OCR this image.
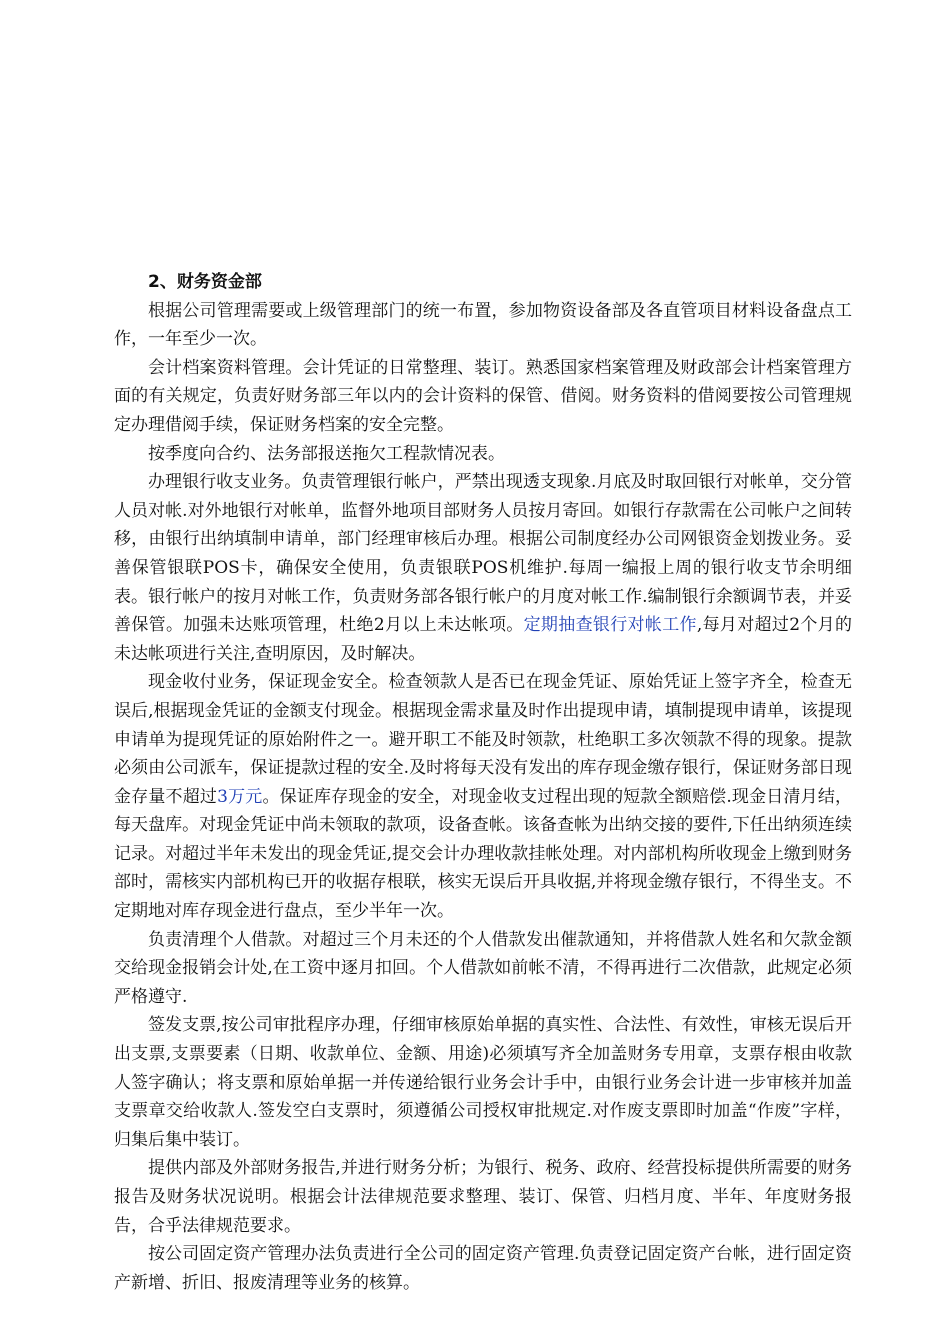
2、财务资金部

根据公司管理需要或上级管理部门的统一布置，参加物资设备部及各直管项目材料设备盘点工作，一年至少一次。

会计档案资料管理。会计凭证的日常整理、装订。熟悉国家档案管理及财政部会计档案管理方面的有关规定，负责好财务部三年以内的会计资料的保管、借阅。财务资料的借阅要按公司管理规定办理借阅手续，保证财务档案的安全完整。

按季度向合约、法务部报送拖欠工程款情况表。

办理银行收支业务。负责管理银行帐户，严禁出现透支现象.月底及时取回银行对帐单，交分管人员对帐.对外地银行对帐单，监督外地项目部财务人员按月寄回。如银行存款需在公司帐户之间转移，由银行出纳填制申请单，部门经理审核后办理。根据公司制度经办公司网银资金划拨业务。妥善保管银联POS卡，确保安全使用，负责银联POS机维护.每周一编报上周的银行收支节余明细表。银行帐户的按月对帐工作，负责财务部各银行帐户的月度对帐工作.编制银行余额调节表，并妥善保管。加强未达账项管理，杜绝2月以上未达帐项。定期抽查银行对帐工作,每月对超过2个月的未达帐项进行关注,查明原因，及时解决。

现金收付业务，保证现金安全。检查领款人是否已在现金凭证、原始凭证上签字齐全，检查无误后,根据现金凭证的金额支付现金。根据现金需求量及时作出提现申请，填制提现申请单，该提现申请单为提现凭证的原始附件之一。避开职工不能及时领款，杜绝职工多次领款不得的现象。提款必须由公司派车，保证提款过程的安全.及时将每天没有发出的库存现金缴存银行，保证财务部日现金存量不超过3万元。保证库存现金的安全，对现金收支过程出现的短款全额赔偿.现金日清月结，每天盘库。对现金凭证中尚未领取的款项，设备查帐。该备查帐为出纳交接的要件,下任出纳须连续记录。对超过半年未发出的现金凭证,提交会计办理收款挂帐处理。对内部机构所收现金上缴到财务部时，需核实内部机构已开的收据存根联，核实无误后开具收据,并将现金缴存银行，不得坐支。不定期地对库存现金进行盘点，至少半年一次。

负责清理个人借款。对超过三个月未还的个人借款发出催款通知，并将借款人姓名和欠款金额交给现金报销会计处,在工资中逐月扣回。个人借款如前帐不清，不得再进行二次借款，此规定必须严格遵守.

签发支票,按公司审批程序办理，仔细审核原始单据的真实性、合法性、有效性，审核无误后开出支票,支票要素（日期、收款单位、金额、用途)必须填写齐全加盖财务专用章，支票存根由收款人签字确认；将支票和原始单据一并传递给银行业务会计手中，由银行业务会计进一步审核并加盖支票章交给收款人.签发空白支票时，须遵循公司授权审批规定.对作废支票即时加盖“作废”字样，归集后集中装订。

提供内部及外部财务报告,并进行财务分析；为银行、税务、政府、经营投标提供所需要的财务报告及财务状况说明。根据会计法律规范要求整理、装订、保管、归档月度、半年、年度财务报告，合乎法律规范要求。

按公司固定资产管理办法负责进行全公司的固定资产管理.负责登记固定资产台帐，进行固定资产新增、折旧、报废清理等业务的核算。
